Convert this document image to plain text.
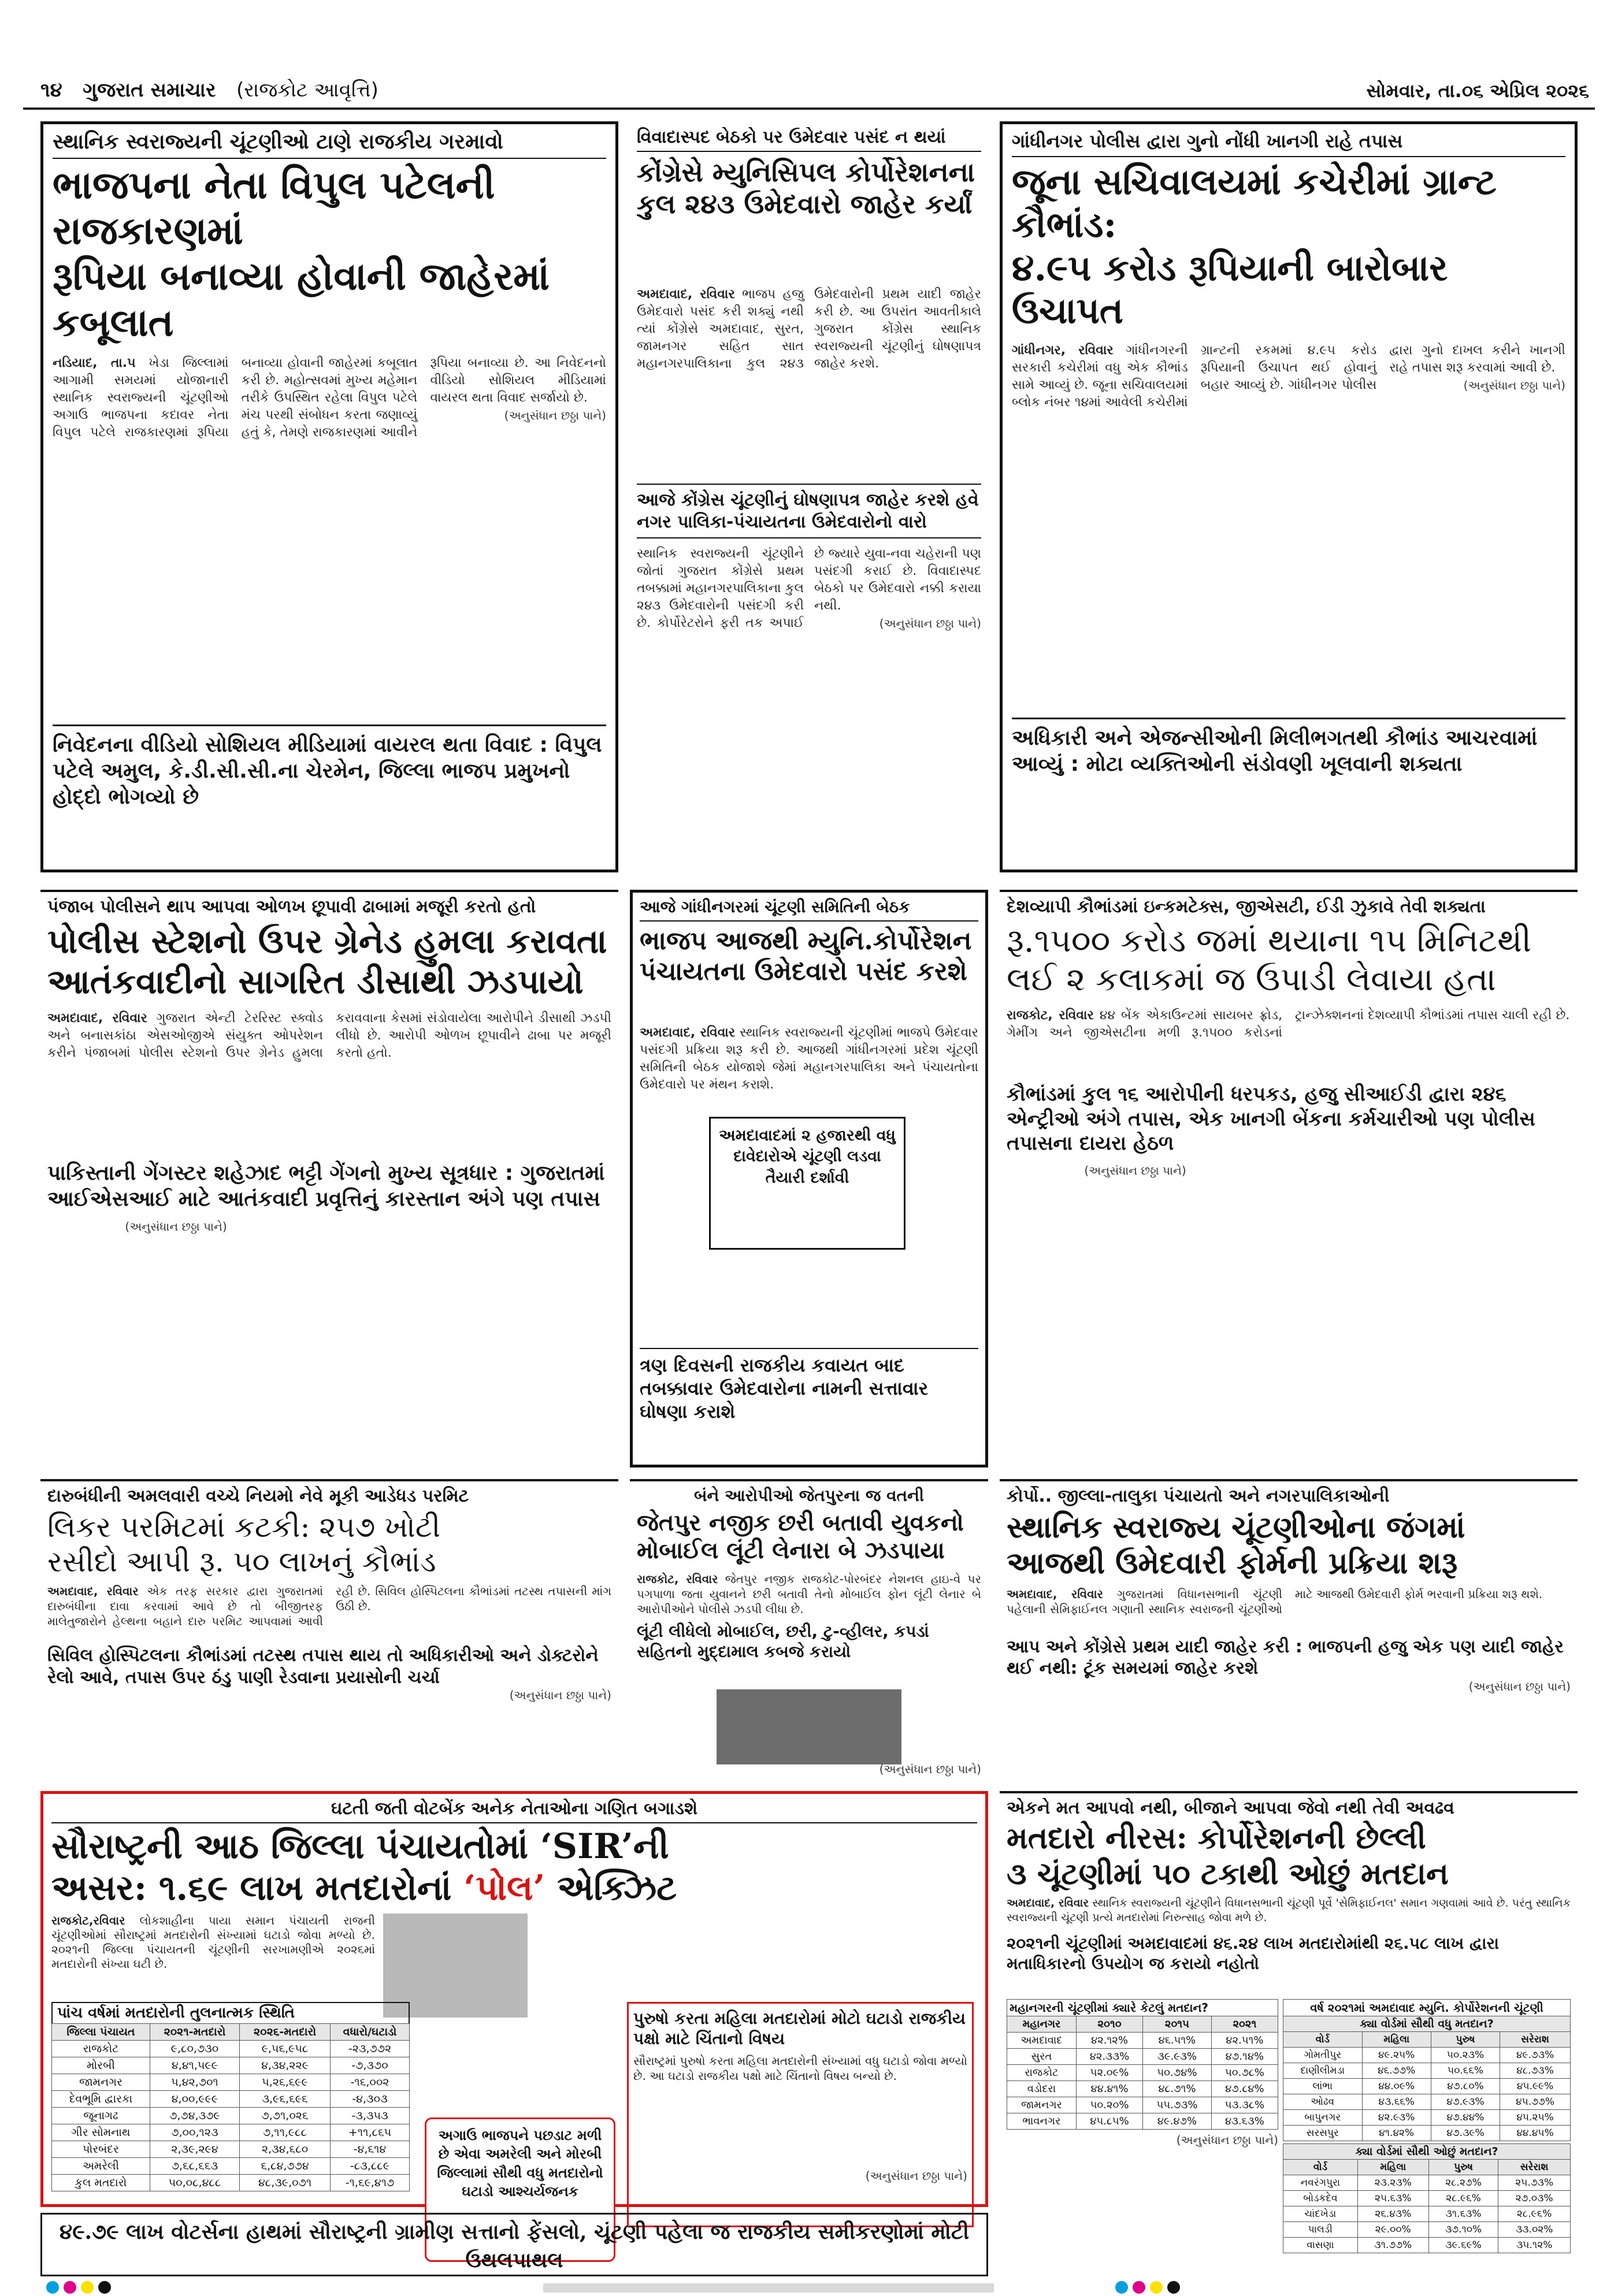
૧૪ ગુજરાત સમાચાર (રાજકોટ આવૃત્તિ)	સોમવાર, તા.૦૬ એપ્રિલ ૨૦૨૬
સ્થાનિક સ્વરાજ્યની ચૂંટણીઓ ટાણે રાજકીય ગરમાવો
ભાજપના નેતા વિપુલ પટેલની રાજકારણમાં
રૂપિયા બનાવ્યા હોવાની જાહેરમાં કબૂલાત
નડિયાદ, તા.૫ ખેડા જિલ્લામાં આગામી સમયમાં યોજાનારી સ્થાનિક સ્વરાજ્યની ચૂંટણીઓ અગાઉ ભાજપના કદાવર નેતા વિપુલ પટેલે રાજકારણમાં રૂપિયા બનાવ્યા હોવાની જાહેરમાં કબૂલાત કરી છે. મહોત્સવમાં મુખ્ય મહેમાન તરીકે ઉપસ્થિત રહેલા વિપુલ પટેલે મંચ પરથી સંબોધન કરતા જણાવ્યું હતું કે, તેમણે રાજકારણમાં આવીને રૂપિયા બનાવ્યા છે. આ નિવેદનનો વીડિયો સોશિયલ મીડિયામાં વાયરલ થતા વિવાદ સર્જાયો છે.
(અનુસંધાન છઠ્ઠા પાને)
નિવેદનના વીડિયો સોશિયલ મીડિયામાં વાયરલ થતા વિવાદ : વિપુલ પટેલે અમુલ, કે.ડી.સી.સી.ના ચેરમેન, જિલ્લા ભાજપ પ્રમુખનો હોદ્દો ભોગવ્યો છે
વિવાદાસ્પદ બેઠકો પર ઉમેદવાર પસંદ ન થયાં
કોંગ્રેસે મ્યુનિસિપલ કોર્પોરેશનના કુલ ૨૪૩ ઉમેદવારો જાહેર કર્યાં
અમદાવાદ, રવિવાર ભાજપ હજુ ઉમેદવારો પસંદ કરી શક્યું નથી ત્યાં કોંગ્રેસે અમદાવાદ, સુરત, જામનગર સહિત સાત મહાનગરપાલિકાના કુલ ૨૪૩ ઉમેદવારોની પ્રથમ યાદી જાહેર કરી છે. આ ઉપરાંત આવતીકાલે ગુજરાત કોંગ્રેસ સ્થાનિક સ્વરાજ્યની ચૂંટણીનું ઘોષણાપત્ર જાહેર કરશે.
આજે કોંગ્રેસ ચૂંટણીનું ઘોષણાપત્ર જાહેર કરશે હવે નગર પાલિકા-પંચાયતના ઉમેદવારોનો વારો
સ્થાનિક સ્વરાજ્યની ચૂંટણીને જોતાં ગુજરાત કોંગ્રેસે પ્રથમ તબક્કામાં મહાનગરપાલિકાના કુલ ૨૪૩ ઉમેદવારોની પસંદગી કરી છે. કોર્પોરેટરોને ફરી તક અપાઈ છે જ્યારે યુવા-નવા ચહેરાની પણ પસંદગી કરાઈ છે. વિવાદાસ્પદ બેઠકો પર ઉમેદવારો નક્કી કરાયા નથી.
(અનુસંધાન છઠ્ઠા પાને)
ગાંધીનગર પોલીસ દ્વારા ગુનો નોંધી ખાનગી રાહે તપાસ
જૂના સચિવાલયમાં કચેરીમાં ગ્રાન્ટ કૌભાંડ:
૪.૯૫ કરોડ રૂપિયાની બારોબાર ઉચાપત
ગાંધીનગર, રવિવાર ગાંધીનગરની સરકારી કચેરીમાં વધુ એક કૌભાંડ સામે આવ્યું છે. જૂના સચિવાલયમાં બ્લોક નંબર ૧૪માં આવેલી કચેરીમાં ગ્રાન્ટની રકમમાં ૪.૯૫ કરોડ રૂપિયાની ઉચાપત થઈ હોવાનું બહાર આવ્યું છે. ગાંધીનગર પોલીસ દ્વારા ગુનો દાખલ કરીને ખાનગી રાહે તપાસ શરૂ કરવામાં આવી છે.
(અનુસંધાન છઠ્ઠા પાને)
અધિકારી અને એજન્સીઓની મિલીભગતથી કૌભાંડ આચરવામાં આવ્યું : મોટા વ્યક્તિઓની સંડોવણી ખૂલવાની શક્યતા
પંજાબ પોલીસને થાપ આપવા ઓળખ છૂપાવી ઢાબામાં મજૂરી કરતો હતો
પોલીસ સ્ટેશનો ઉપર ગ્રેનેડ હુમલા કરાવતા
આતંકવાદીનો સાગરિત ડીસાથી ઝડપાયો
અમદાવાદ, રવિવાર ગુજરાત એન્ટી ટેરરિસ્ટ સ્ક્વોડ અને બનાસકાંઠા એસઓજીએ સંયુક્ત ઓપરેશન કરીને પંજાબમાં પોલીસ સ્ટેશનો ઉપર ગ્રેનેડ હુમલા કરાવવાના કેસમાં સંડોવાયેલા આરોપીને ડીસાથી ઝડપી લીધો છે. આરોપી ઓળખ છૂપાવીને ઢાબા પર મજૂરી કરતો હતો.
પાકિસ્તાની ગેંગસ્ટર શહેઝાદ ભટ્ટી ગેંગનો મુખ્ય સૂત્રધાર : ગુજરાતમાં આઈએસઆઈ માટે આતંકવાદી પ્રવૃત્તિનું કારસ્તાન અંગે પણ તપાસ
(અનુસંધાન છઠ્ઠા પાને)
આજે ગાંધીનગરમાં ચૂંટણી સમિતિની બેઠક
ભાજપ આજથી મ્યુનિ.કોર્પોરેશન પંચાયતના ઉમેદવારો પસંદ કરશે
અમદાવાદ, રવિવાર સ્થાનિક સ્વરાજ્યની ચૂંટણીમાં ભાજપે ઉમેદવાર પસંદગી પ્રક્રિયા શરૂ કરી છે. આજથી ગાંધીનગરમાં પ્રદેશ ચૂંટણી સમિતિની બેઠક યોજાશે જેમાં મહાનગરપાલિકા અને પંચાયતોના ઉમેદવારો પર મંથન કરાશે.
અમદાવાદમાં ૨ હજારથી વધુ દાવેદારોએ ચૂંટણી લડવા તૈયારી દર્શાવી
ત્રણ દિવસની રાજકીય કવાયત બાદ તબક્કાવાર ઉમેદવારોના નામની સત્તાવાર ઘોષણા કરાશે
દેશવ્યાપી કૌભાંડમાં ઇન્કમટેક્સ, જીએસટી, ઈડી ઝુકાવે તેવી શક્યતા
રૂ.૧૫૦૦ કરોડ જમાં થયાના ૧૫ મિનિટથી
લઈ ૨ કલાકમાં જ ઉપાડી લેવાયા હતા
રાજકોટ, રવિવાર ૪૪ બેંક એકાઉન્ટમાં સાયબર ફ્રોડ, ગેમીંગ અને જીએસટીના મળી રૂ.૧૫૦૦ કરોડનાં ટ્રાન્ઝેક્શનનાં દેશવ્યાપી કૌભાંડમાં તપાસ ચાલી રહી છે.
કૌભાંડમાં કુલ ૧૬ આરોપીની ધરપકડ, હજુ સીઆઈડી દ્વારા ૨૪૬ એન્ટ્રીઓ અંગે તપાસ, એક ખાનગી બેંકના કર્મચારીઓ પણ પોલીસ તપાસના દાયરા હેઠળ
(અનુસંધાન છઠ્ઠા પાને)
દારુબંધીની અમલવારી વચ્ચે નિયમો નેવે મૂકી આડેધડ પરમિટ
લિકર પરમિટમાં કટકી: ૨૫૭ ખોટી
રસીદો આપી રૂ. ૫૦ લાખનું કૌભાંડ
અમદાવાદ, રવિવાર એક તરફ સરકાર દ્વારા ગુજરાતમાં દારુબંધીના દાવા કરવામાં આવે છે તો બીજીતરફ માલેતુજારોને હેલ્થના બહાને દારુ પરમિટ આપવામાં આવી રહી છે. સિવિલ હોસ્પિટલના કૌભાંડમાં તટસ્થ તપાસની માંગ ઉઠી છે.
સિવિલ હોસ્પિટલના કૌભાંડમાં તટસ્થ તપાસ થાય તો અધિકારીઓ અને ડોક્ટરોને રેલો આવે, તપાસ ઉપર ઠંડુ પાણી રેડવાના પ્રયાસોની ચર્ચા
(અનુસંધાન છઠ્ઠા પાને)
બંને આરોપીઓ જેતપુરના જ વતની
જેતપુર નજીક છરી બતાવી યુવકનો મોબાઈલ લૂંટી લેનારા બે ઝડપાયા
રાજકોટ, રવિવાર જેતપુર નજીક રાજકોટ-પોરબંદર નેશનલ હાઇ-વે પર પગપાળા જતા યુવાનને છરી બતાવી તેનો મોબાઈલ ફોન લૂંટી લેનાર બે આરોપીઓને પોલીસે ઝડપી લીધા છે.
લૂંટી લીધેલો મોબાઈલ, છરી, ટુ-વ્હીલર, કપડાં સહિતનો મુદ્દામાલ કબજે કરાયો
(અનુસંધાન છઠ્ઠા પાને)
કોર્પો.. જીલ્લા-તાલુકા પંચાયતો અને નગરપાલિકાઓની
સ્થાનિક સ્વરાજ્ય ચૂંટણીઓના જંગમાં
આજથી ઉમેદવારી ફોર્મની પ્રક્રિયા શરૂ
અમદાવાદ, રવિવાર ગુજરાતમાં વિધાનસભાની ચૂંટણી પહેલાની સેમિફાઈનલ ગણાતી સ્થાનિક સ્વરાજની ચૂંટણીઓ માટે આજથી ઉમેદવારી ફોર્મ ભરવાની પ્રક્રિયા શરૂ થશે.
આપ અને કોંગ્રેસે પ્રથમ યાદી જાહેર કરી : ભાજપની હજુ એક પણ યાદી જાહેર થઈ નથી: ટૂંક સમયમાં જાહેર કરશે
(અનુસંધાન છઠ્ઠા પાને)
ઘટતી જતી વોટબેંક અનેક નેતાઓના ગણિત બગાડશે
સૌરાષ્ટ્રની આઠ જિલ્લા પંચાયતોમાં ‘SIR’ની
અસર: ૧.૬૯ લાખ મતદારોનાં ‘પોલ’ એક્ઝિટ
રાજકોટ,રવિવાર લોકશાહીના પાયા સમાન પંચાયતી રાજની ચૂંટણીઓમાં સૌરાષ્ટ્રમાં મતદારોની સંખ્યામાં ઘટાડો જોવા મળ્યો છે. ૨૦૨૧ની જિલ્લા પંચાયતની ચૂંટણીની સરખામણીએ ૨૦૨૬માં મતદારોની સંખ્યા ઘટી છે.
પાંચ વર્ષમાં મતદારોની તુલનાત્મક સ્થિતિ
જિલ્લા પંચાયત	૨૦૨૧-મતદારો	૨૦૨૬-મતદારો	વધારો/ઘટાડો
રાજકોટ	૯,૮૦,૭૩૦	૯,૫૬,૯૫૮	-૨૩,૭૭૨
મોરબી	૪,૪૧,૫૯૯	૪,૩૪,૨૨૯	-૭,૩૭૦
જામનગર	૫,૪૨,૭૦૧	૫,૨૬,૬૯૯	-૧૬,૦૦૨
દેવભૂમિ દ્વારકા	૪,૦૦,૯૯૯	૩,૯૬,૬૯૬	-૪,૩૦૩
જૂનાગઢ	૭,૭૪,૩૭૯	૭,૭૧,૦૨૬	-૩,૩૫૩
ગીર સોમનાથ	૭,૦૦,૧૨૩	૭,૧૧,૯૮૮	+૧૧,૮૬૫
પોરબંદર	૨,૩૯,૨૯૪	૨,૩૪,૬૮૦	-૪,૬૧૪
અમરેલી	૭,૬૮,૬૬૩	૬,૮૪,૭૭૪	-૮૩,૮૮૯
કુલ મતદારો	૫૦,૦૮,૪૮૮	૪૮,૩૯,૦૭૧	-૧,૬૯,૪૧૭
અગાઉ ભાજપને પછડાટ મળી છે એવા અમરેલી અને મોરબી જિલ્લામાં સૌથી વધુ મતદારોનો ઘટાડો આશ્ચર્યજનક
પુરુષો કરતા મહિલા મતદારોમાં મોટો ઘટાડો રાજકીય પક્ષો માટે ચિંતાનો વિષય
સૌરાષ્ટ્રમાં પુરુષો કરતા મહિલા મતદારોની સંખ્યામાં વધુ ઘટાડો જોવા મળ્યો છે. આ ઘટાડો રાજકીય પક્ષો માટે ચિંતાનો વિષય બન્યો છે.
(અનુસંધાન છઠ્ઠા પાને)
૪૯.૭૯ લાખ વોટર્સના હાથમાં સૌરાષ્ટ્રની ગ્રામીણ સત્તાનો ફેંસલો, ચૂંટણી પહેલા જ રાજકીય સમીકરણોમાં મોટી ઉથલપાથલ
એકને મત આપવો નથી, બીજાને આપવા જેવો નથી તેવી અવઢવ
મતદારો નીરસ: કોર્પોરેશનની છેલ્લી
૩ ચૂંટણીમાં ૫૦ ટકાથી ઓછું મતદાન
અમદાવાદ, રવિવાર સ્થાનિક સ્વરાજ્યની ચૂંટણીને વિધાનસભાની ચૂંટણી પૂર્વે 'સેમિફાઈનલ' સમાન ગણવામાં આવે છે. પરંતુ સ્થાનિક સ્વરાજ્યની ચૂંટણી પ્રત્યે મતદારોમાં નિરુત્સાહ જોવા મળે છે.
૨૦૨૧ની ચૂંટણીમાં અમદાવાદમાં ૪૬.૨૪ લાખ મતદારોમાંથી ૨૬.૫૮ લાખ દ્વારા મતાધિકારનો ઉપયોગ જ કરાયો નહોતો
મહાનગરની ચૂંટણીમાં ક્યારે કેટલું મતદાન?
મહાનગર	૨૦૧૦	૨૦૧૫	૨૦૨૧
અમદાવાદ	૪૨.૧૨%	૪૬.૫૧%	૪૨.૫૧%
સુરત	૪૨.૩૩%	૩૯.૯૩%	૪૭.૧૪%
રાજકોટ	૫૨.૦૯%	૫૦.૭૪%	૫૦.૭૮%
વડોદરા	૪૪.૪૧%	૪૮.૭૧%	૪૭.૮૪%
જામનગર	૫૦.૨૦%	૫૫.૭૩%	૫૩.૩૮%
ભાવનગર	૪૫.૮૫%	૪૯.૪૭%	૪૩.૬૩%
(અનુસંધાન છઠ્ઠા પાને)
વર્ષ ૨૦૨૧માં અમદાવાદ મ્યુનિ. કોર્પોરેશનની ચૂંટણી
ક્યા વોર્ડમાં સૌથી વધુ મતદાન?
વોર્ડ	મહિલા	પુરુષ	સરેરાશ
ગોમતીપુર	૪૯.૨૫%	૫૦.૨૩%	૪૯.૭૩%
દાણીલીમડા	૪૬.૭૭%	૫૦.૬૬%	૪૮.૭૩%
લાંભા	૪૪.૦૯%	૪૭.૮૦%	૪૫.૯૯%
ઓઢવ	૪૩.૬૬%	૪૭.૯૩%	૪૫.૭૭%
બાપુનગર	૪૨.૯૩%	૪૭.૪૪%	૪૫.૨૫%
સરસપુર	૪૧.૪૨%	૪૭.૩૯%	૪૪.૪૫%
ક્યા વોર્ડમાં સૌથી ઓછું મતદાન?
વોર્ડ	મહિલા	પુરુષ	સરેરાશ
નવરંગપુરા	૨૩.૨૩%	૨૮.૨૭%	૨૫.૭૩%
બોડકદેવ	૨૫.૬૩%	૨૮.૯૬%	૨૭.૦૩%
ચાંદખેડા	૨૬.૪૩%	૩૧.૬૩%	૨૮.૯૬%
પાલડી	૨૯.૦૦%	૩૭.૧૦%	૩૩.૦૨%
વાસણા	૩૧.૭૭%	૩૯.૬૯%	૩૫.૧૨%
